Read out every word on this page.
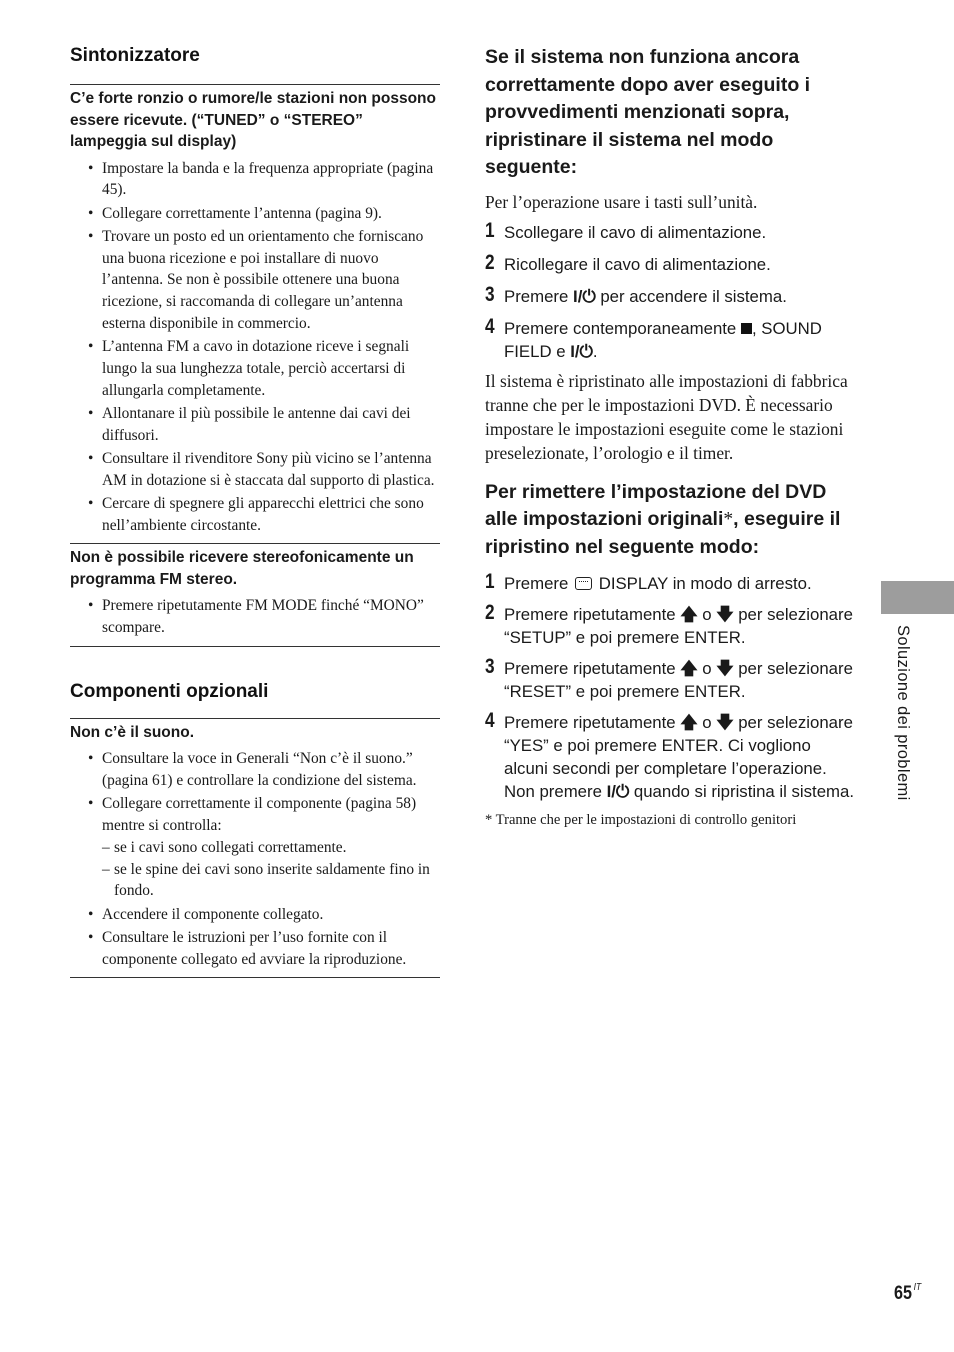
Sintonizzatore
C’e forte ronzio o rumore/le stazioni non possono essere ricevute. (“TUNED” o “STEREO” lampeggia sul display)
• Impostare la banda e la frequenza appropriate (pagina 45).
• Collegare correttamente l’antenna (pagina 9).
• Trovare un posto ed un orientamento che forniscano una buona ricezione e poi installare di nuovo l’antenna. Se non è possibile ottenere una buona ricezione, si raccomanda di collegare un’antenna esterna disponibile in commercio.
• L’antenna FM a cavo in dotazione riceve i segnali lungo la sua lunghezza totale, perciò accertarsi di allungarla completamente.
• Allontanare il più possibile le antenne dai cavi dei diffusori.
• Consultare il rivenditore Sony più vicino se l’antenna AM in dotazione si è staccata dal supporto di plastica.
• Cercare di spegnere gli apparecchi elettrici che sono nell’ambiente circostante.
Non è possibile ricevere stereofonicamente un programma FM stereo.
• Premere ripetutamente FM MODE finché “MONO” scompare.
Componenti opzionali
Non c’è il suono.
• Consultare la voce in Generali “Non c’è il suono.” (pagina 61) e controllare la condizione del sistema.
• Collegare correttamente il componente (pagina 58) mentre si controlla:
– se i cavi sono collegati correttamente.
– se le spine dei cavi sono inserite saldamente fino in fondo.
• Accendere il componente collegato.
• Consultare le istruzioni per l’uso fornite con il componente collegato ed avviare la riproduzione.
Se il sistema non funziona ancora correttamente dopo aver eseguito i provvedimenti menzionati sopra, ripristinare il sistema nel modo seguente:

Per l’operazione usare i tasti sull’unità.

1 Scollegare il cavo di alimentazione.
2 Ricollegare il cavo di alimentazione.
3 Premere I/⏻ per accendere il sistema.
4 Premere contemporaneamente , SOUND FIELD e I/⏻.

Il sistema è ripristinato alle impostazioni di fabbrica tranne che per le impostazioni DVD. È necessario impostare le impostazioni eseguite come le stazioni preselezionate, l’orologio e il timer.

Per rimettere l’impostazione del DVD alle impostazioni originali*, eseguire il ripristino nel seguente modo:
1 Premere DISPLAY in modo di arresto.
2 Premere ripetutamente 🡅 o 🡇 per selezionare “SETUP” e poi premere ENTER.
3 Premere ripetutamente 🡅 o 🡇 per selezionare “RESET” e poi premere ENTER.
4 Premere ripetutamente 🡅 o 🡇 per selezionare “YES” e poi premere ENTER. Ci vogliono alcuni secondi per completare l’operazione. Non premere I/⏻ quando si ripristina il sistema.
* Tranne che per le impostazioni di controllo genitori
Soluzione dei problemi
65 $^{IT}$
